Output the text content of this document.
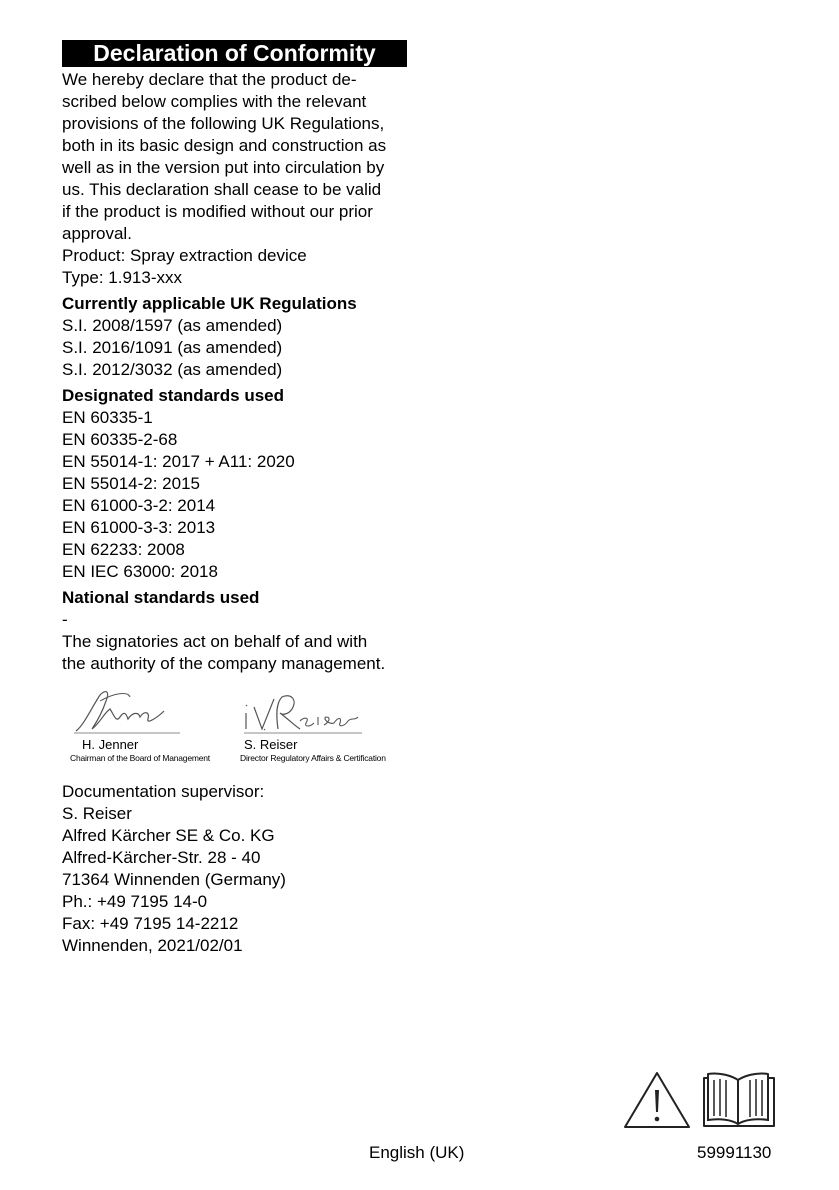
Declaration of Conformity

We hereby declare that the product de-

scribed below complies with the relevant

provisions of the following UK Regulations,

both in its basic design and construction as

well as in the version put into circulation by

us. This declaration shall cease to be valid

if the product is modified without our prior

approval.

Product: Spray extraction device

Type: 1.913-xxx

Currently applicable UK Regulations

S.I. 2008/1597 (as amended)

S.I. 2016/1091 (as amended)

S.I. 2012/3032 (as amended)

Designated standards used

EN 60335-1

EN 60335-2-68

EN 55014-1: 2017 + A11: 2020

EN 55014-2: 2015

EN 61000-3-2: 2014

EN 61000-3-3: 2013

EN 62233: 2008

EN IEC 63000: 2018

National standards used

-

The signatories act on behalf of and with

the authority of the company management.

H. Jenner
Chairman of the Board of Management
S. Reiser
Director Regulatory Affairs & Certification

Documentation supervisor:

S. Reiser

Alfred Kärcher SE & Co. KG

Alfred-Kärcher-Str. 28 - 40

71364 Winnenden (Germany)

Ph.: +49 7195 14-0

Fax: +49 7195 14-2212

Winnenden, 2021/02/01

English (UK)	59991130
